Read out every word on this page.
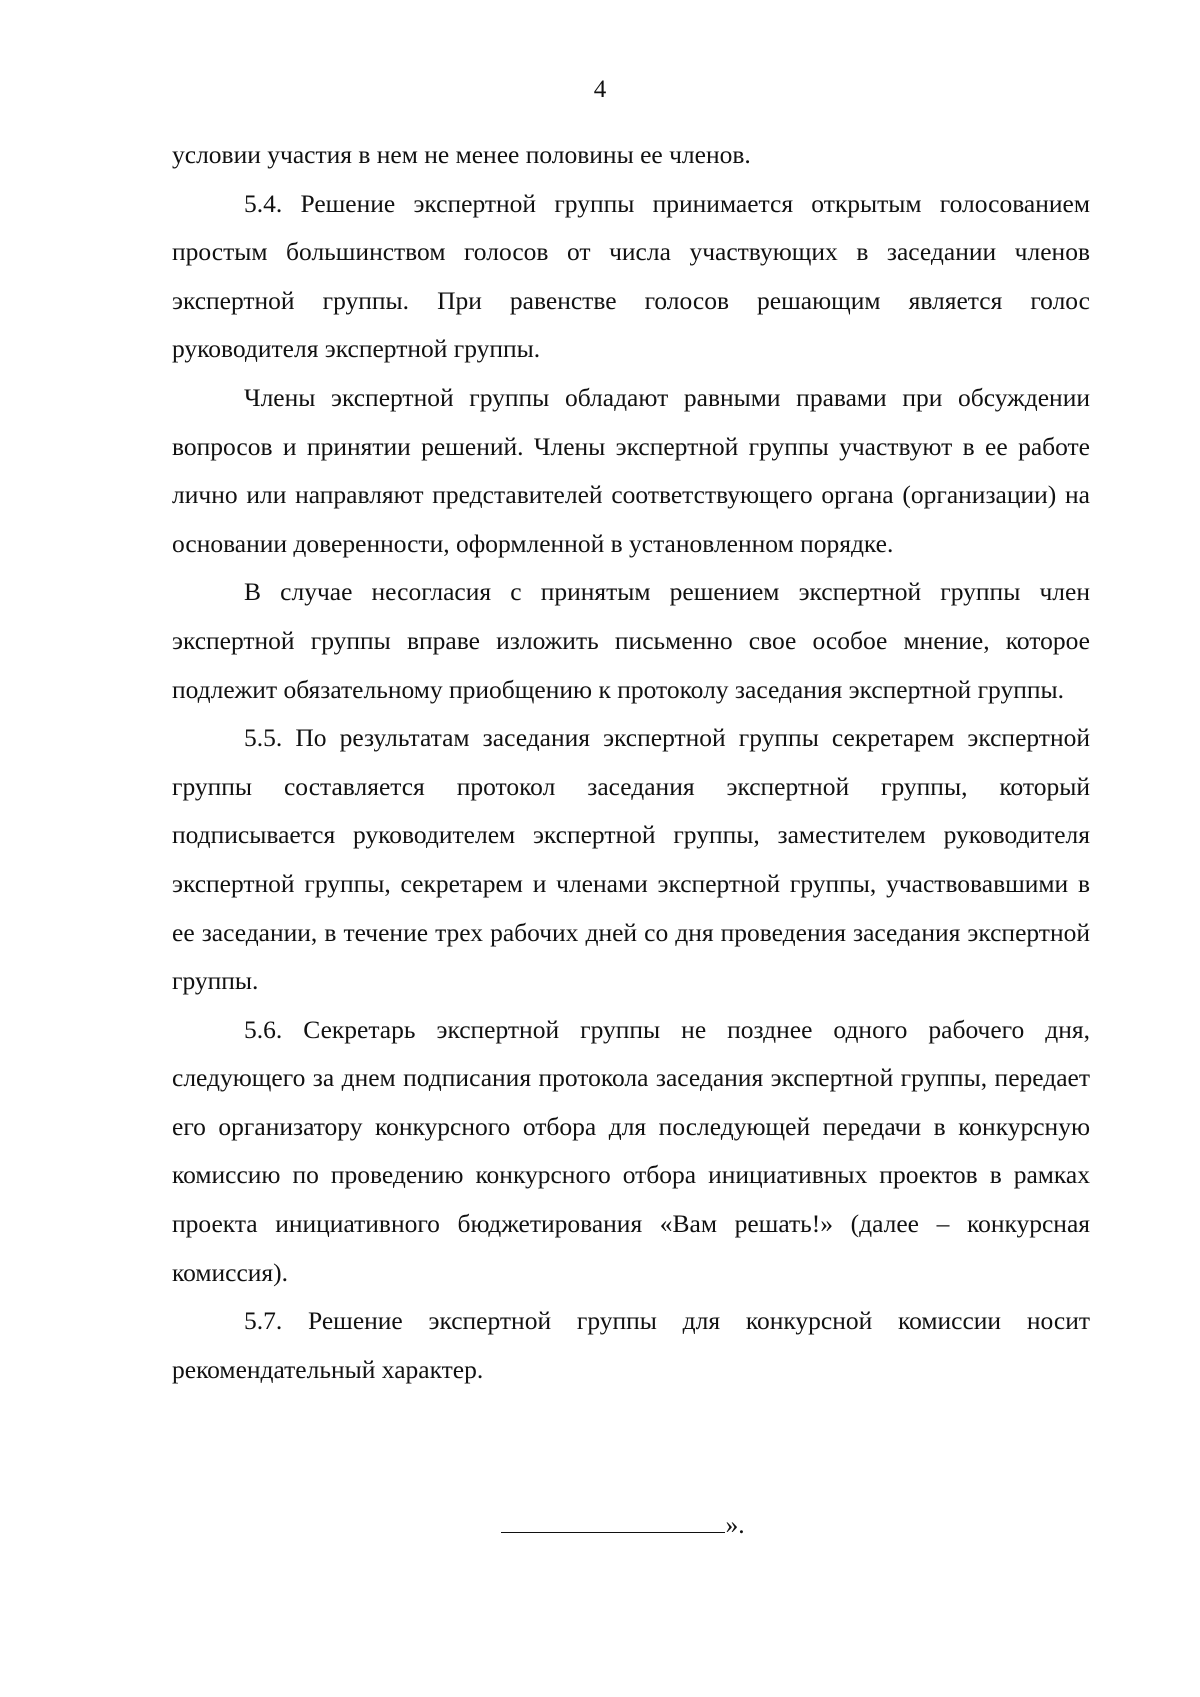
4

условии участия в нем не менее половины ее членов.

5.4. Решение экспертной группы принимается открытым голосованием простым большинством голосов от числа участвующих в заседании членов экспертной группы. При равенстве голосов решающим является голос руководителя экспертной группы.

Члены экспертной группы обладают равными правами при обсуждении вопросов и принятии решений. Члены экспертной группы участвуют в ее работе лично или направляют представителей соответствующего органа (организации) на основании доверенности, оформленной в установленном порядке.

В случае несогласия с принятым решением экспертной группы член экспертной группы вправе изложить письменно свое особое мнение, которое подлежит обязательному приобщению к протоколу заседания экспертной группы.

5.5. По результатам заседания экспертной группы секретарем экспертной группы составляется протокол заседания экспертной группы, который подписывается руководителем экспертной группы, заместителем руководителя экспертной группы, секретарем и членами экспертной группы, участвовавшими в ее заседании, в течение трех рабочих дней со дня проведения заседания экспертной группы.

5.6. Секретарь экспертной группы не позднее одного рабочего дня, следующего за днем подписания протокола заседания экспертной группы, передает его организатору конкурсного отбора для последующей передачи в конкурсную комиссию по проведению конкурсного отбора инициативных проектов в рамках проекта инициативного бюджетирования «Вам решать!» (далее – конкурсная комиссия).

5.7. Решение экспертной группы для конкурсной комиссии носит рекомендательный характер.

».
